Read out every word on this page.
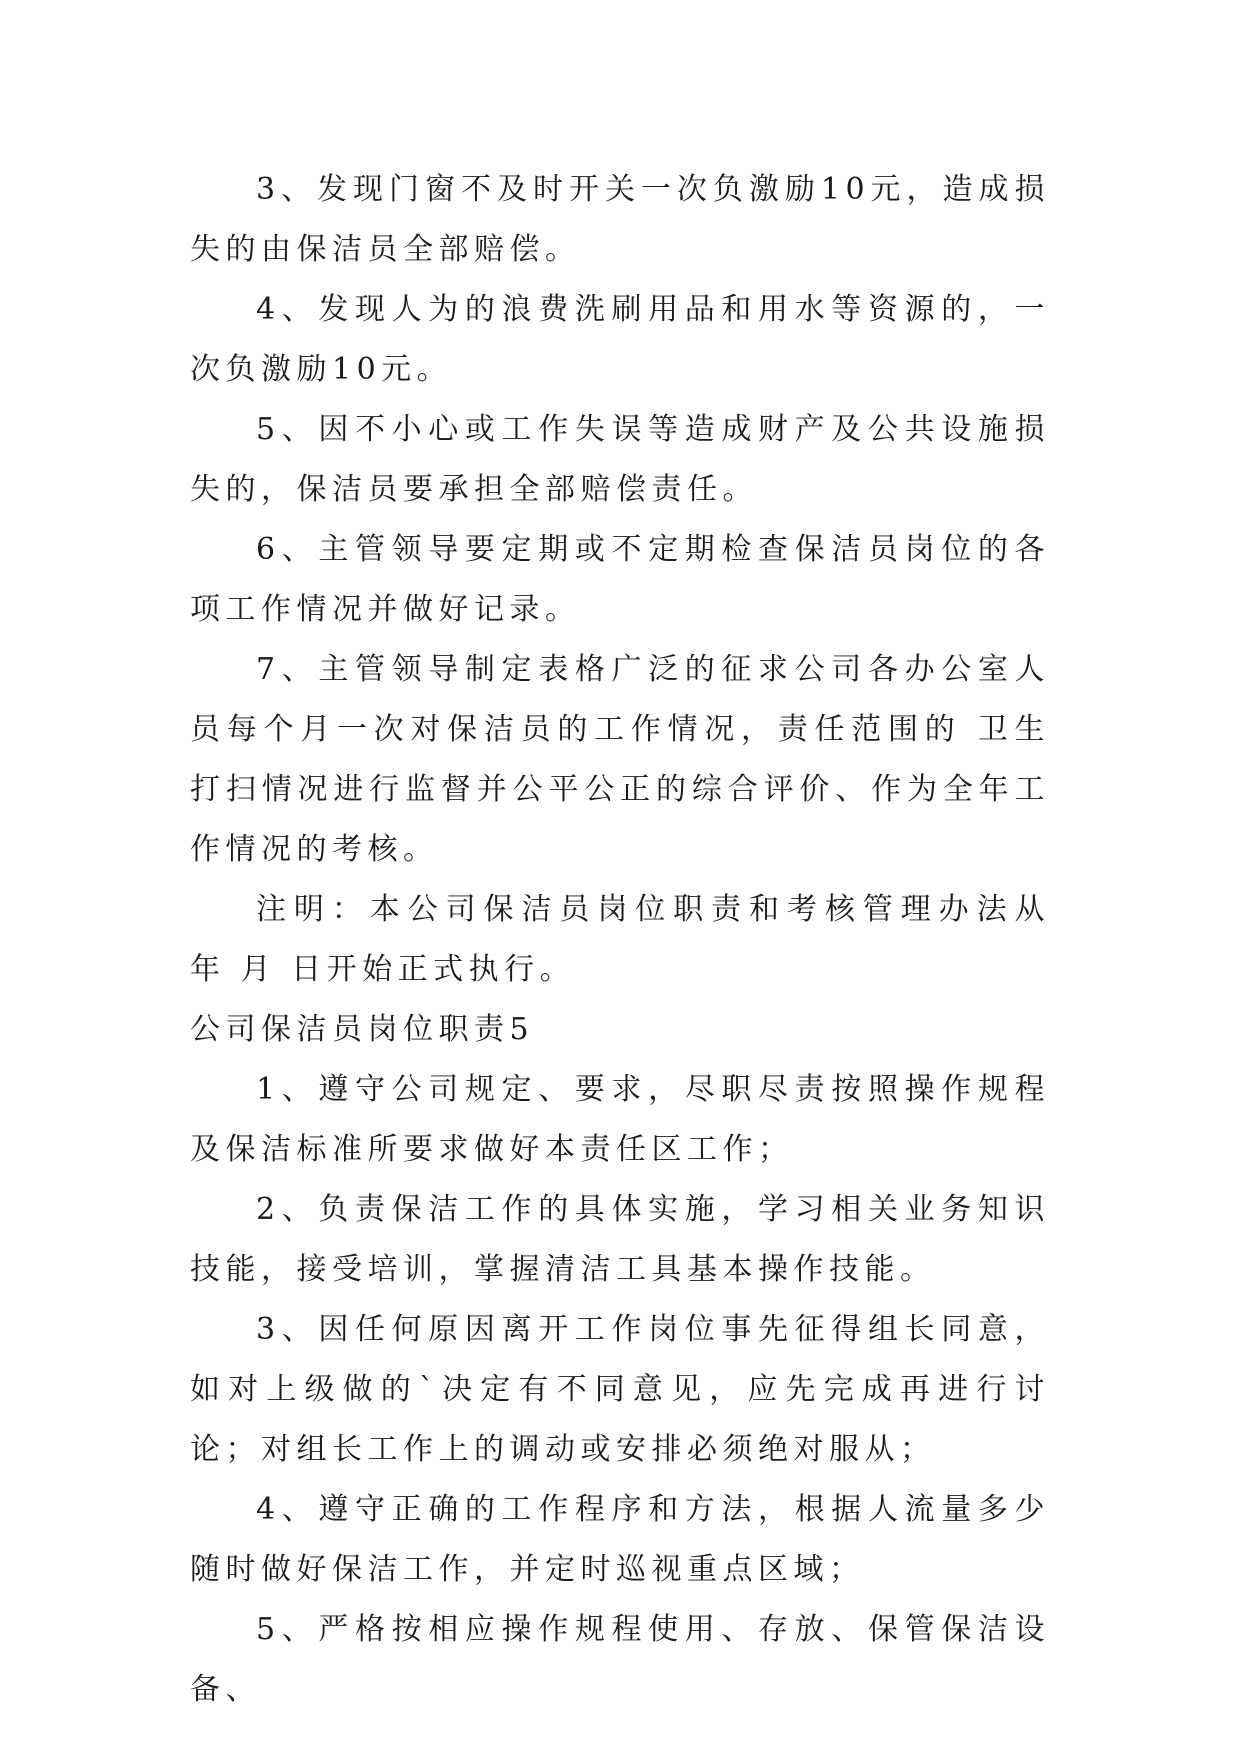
3、发现门窗不及时开关一次负激励10元，造成损失的由保洁员全部赔偿。

4、发现人为的浪费洗刷用品和用水等资源的，一次负激励10元。

5、因不小心或工作失误等造成财产及公共设施损失的，保洁员要承担全部赔偿责任。

6、主管领导要定期或不定期检查保洁员岗位的各项工作情况并做好记录。

7、主管领导制定表格广泛的征求公司各办公室人员每个月一次对保洁员的工作情况，责任范围的 卫生打扫情况进行监督并公平公正的综合评价、作为全年工作情况的考核。

注明：本公司保洁员岗位职责和考核管理办法从 年 月 日开始正式执行。

公司保洁员岗位职责5

1、遵守公司规定、要求，尽职尽责按照操作规程及保洁标准所要求做好本责任区工作；

2、负责保洁工作的具体实施，学习相关业务知识技能，接受培训，掌握清洁工具基本操作技能。

3、因任何原因离开工作岗位事先征得组长同意，如对上级做的`决定有不同意见，应先完成再进行讨论；对组长工作上的调动或安排必须绝对服从；

4、遵守正确的工作程序和方法，根据人流量多少随时做好保洁工作，并定时巡视重点区域；

5、严格按相应操作规程使用、存放、保管保洁设备、
